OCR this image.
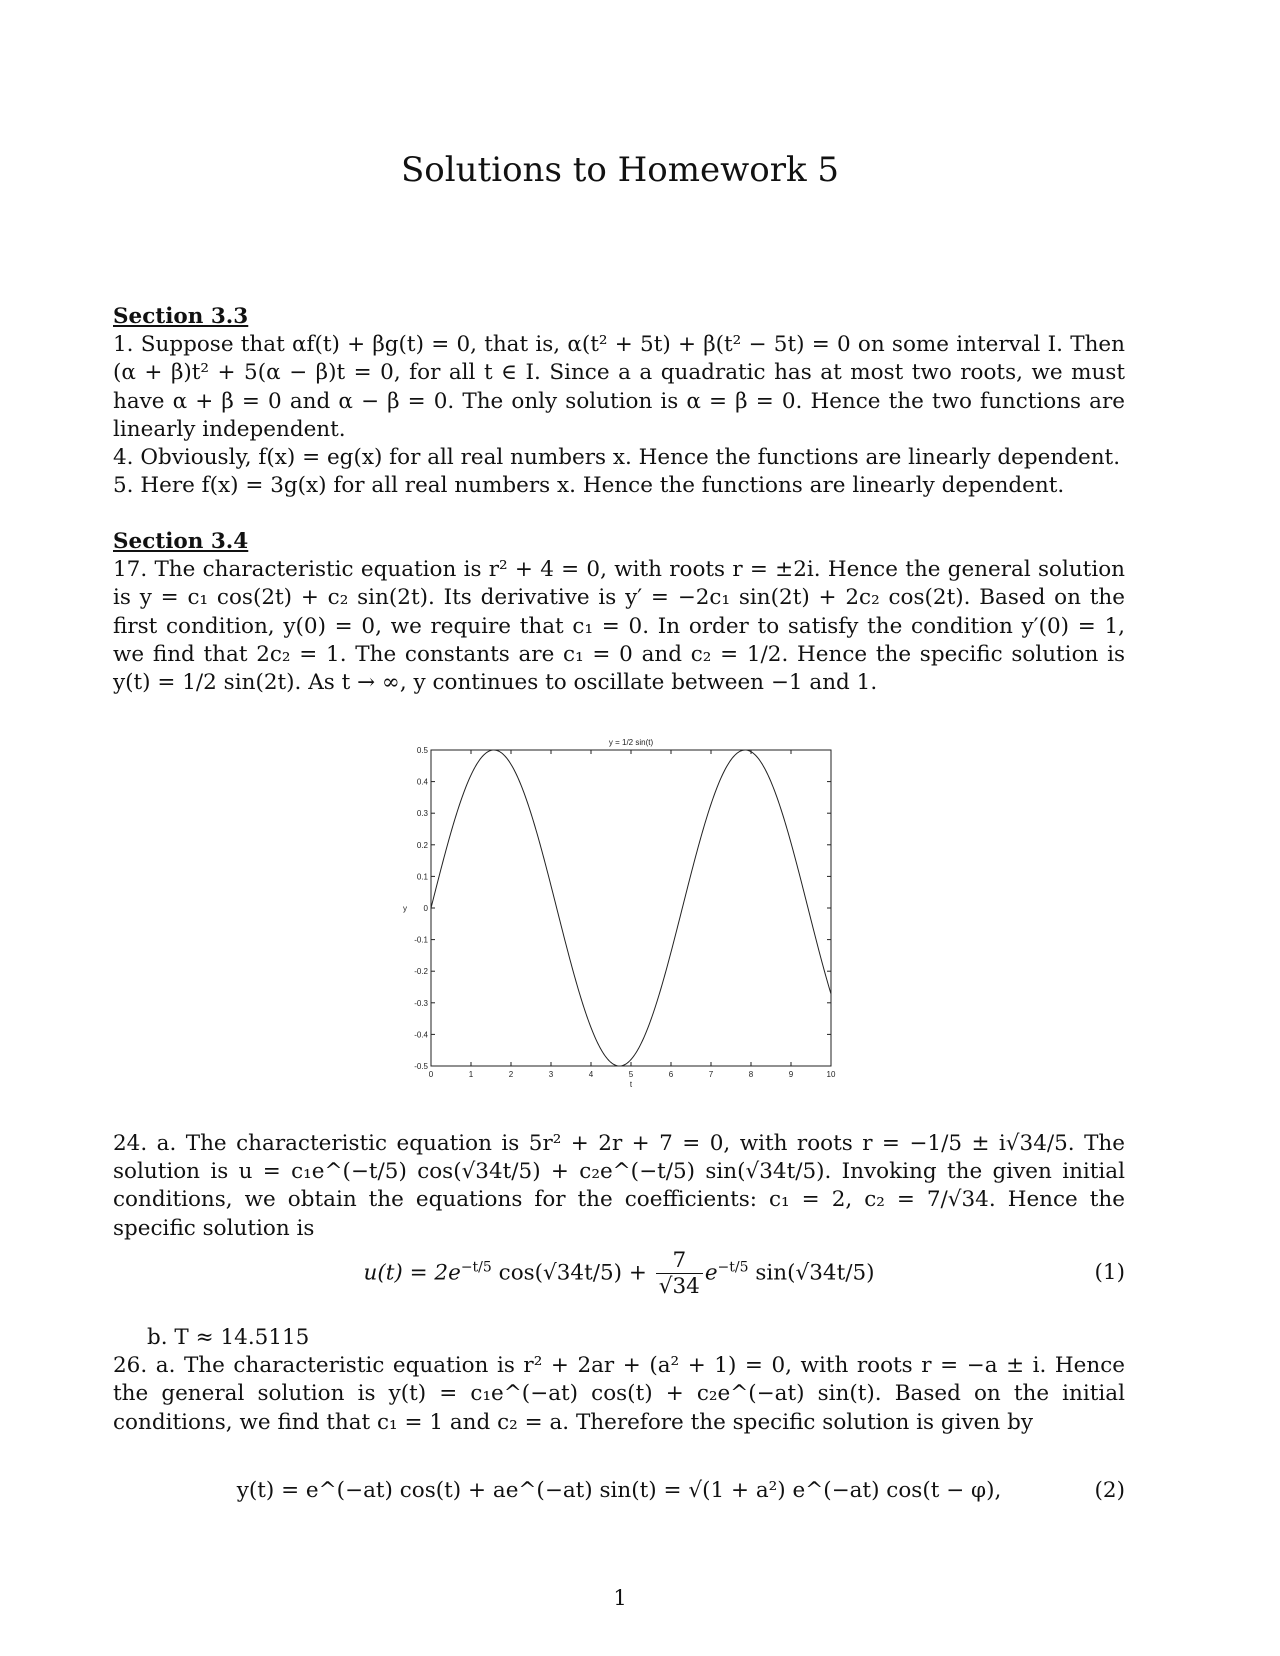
Solutions to Homework 5
Section 3.3
1. Suppose that αf(t) + βg(t) = 0, that is, α(t² + 5t) + β(t² − 5t) = 0 on some interval I. Then (α + β)t² + 5(α − β)t = 0, for all t ∈ I. Since a a quadratic has at most two roots, we must have α + β = 0 and α − β = 0. The only solution is α = β = 0. Hence the two functions are linearly independent.
4. Obviously, f(x) = eg(x) for all real numbers x. Hence the functions are linearly dependent.
5. Here f(x) = 3g(x) for all real numbers x. Hence the functions are linearly dependent.
Section 3.4
17. The characteristic equation is r² + 4 = 0, with roots r = ±2i. Hence the general solution is y = c₁ cos(2t) + c₂ sin(2t). Its derivative is y′ = −2c₁ sin(2t) + 2c₂ cos(2t). Based on the first condition, y(0) = 0, we require that c₁ = 0. In order to satisfy the condition y′(0) = 1, we find that 2c₂ = 1. The constants are c₁ = 0 and c₂ = 1/2. Hence the specific solution is y(t) = 1/2 sin(2t). As t → ∞, y continues to oscillate between −1 and 1.
y = 1/2 sin(t)
0	1	2	3	4	5	6	7	8	9	10
0.5
0.4
0.3
0.2
0.1
0
-0.1
-0.2
-0.3
-0.4
-0.5
t
y
24. a. The characteristic equation is 5r² + 2r + 7 = 0, with roots r = −1/5 ± i√34/5. The solution is u = c₁e^(−t/5) cos(√34t/5) + c₂e^(−t/5) sin(√34t/5). Invoking the given initial conditions, we obtain the equations for the coefficients: c₁ = 2, c₂ = 7/√34. Hence the specific solution is
$u(t) = 2e^{-t/5}$ $\cos(√34t/5) + \frac{7}{√34} e^{-t/5}$ sin(√34t/5)	(1)
b. T ≈ 14.5115
26. a. The characteristic equation is r² + 2ar + (a² + 1) = 0, with roots r = −a ± i. Hence the general solution is y(t) = c₁e^(−at) cos(t) + c₂e^(−at) sin(t). Based on the initial conditions, we find that c₁ = 1 and c₂ = a. Therefore the specific solution is given by
y(t) = e^(−at) cos(t) + ae^(−at) sin(t) = √(1 + a²) e^(−at) cos(t − φ),	(2)
1
